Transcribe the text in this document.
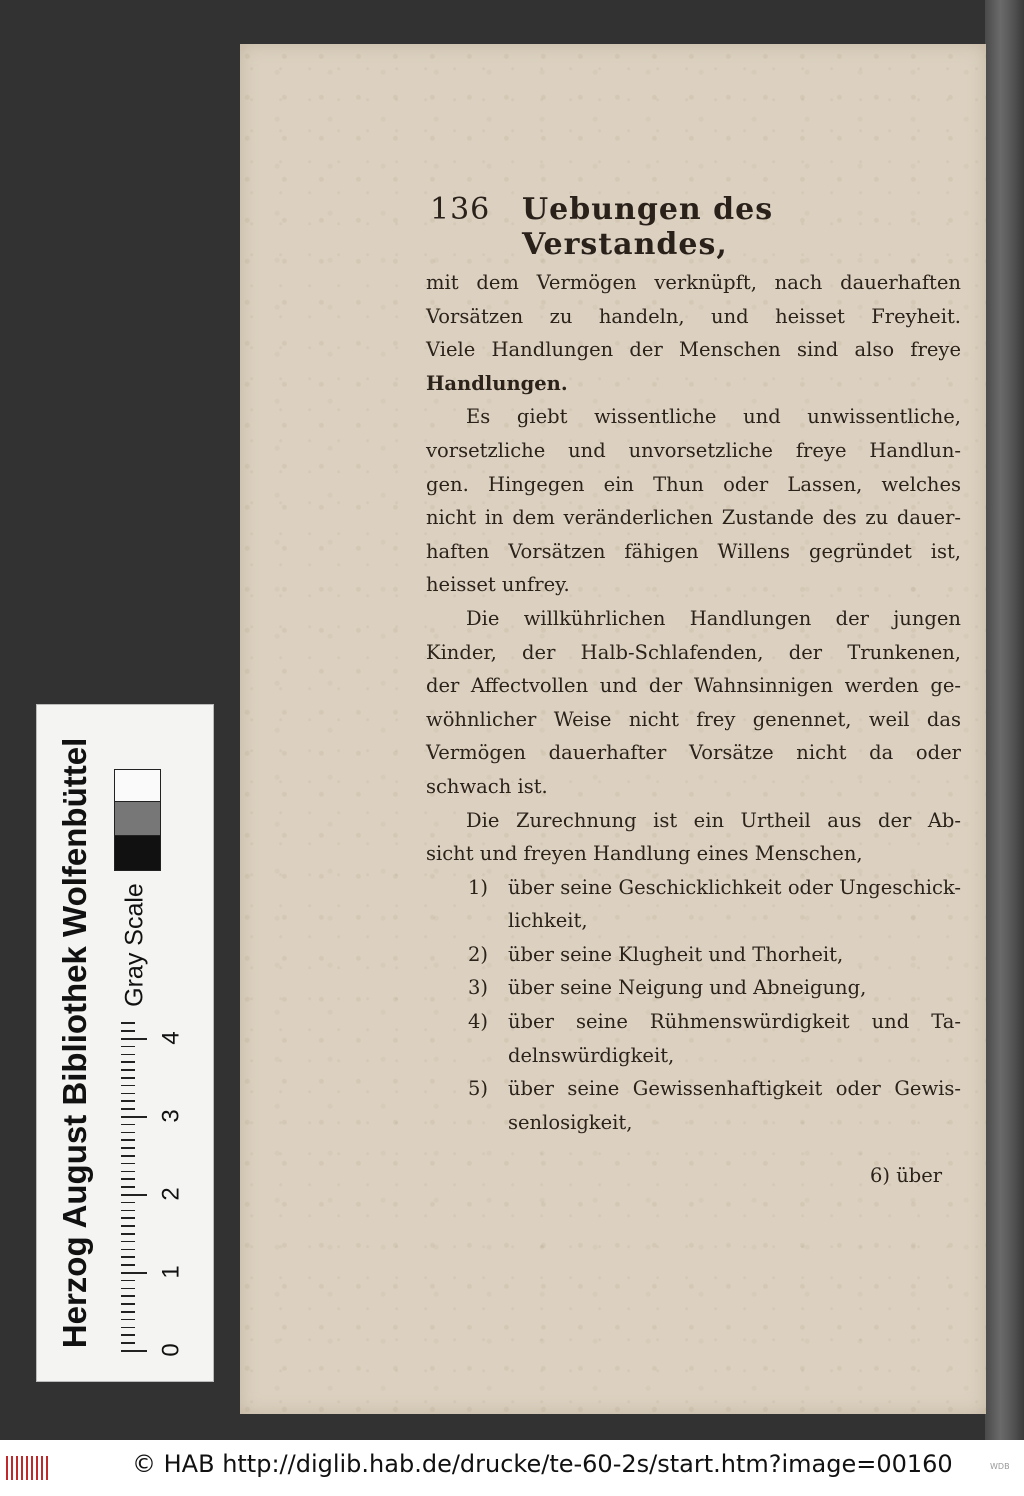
136 Uebungen des Verstandes,
mit dem Vermögen verknüpft, nach dauerhaften
Vorsätzen zu handeln, und heisset Freyheit.
Viele Handlungen der Menschen sind also freye
Handlungen.
Es giebt wissentliche und unwissentliche,
vorsetzliche und unvorsetzliche freye Handlun-
gen. Hingegen ein Thun oder Lassen, welches
nicht in dem veränderlichen Zustande des zu dauer-
haften Vorsätzen fähigen Willens gegründet ist,
heisset unfrey.
Die willkührlichen Handlungen der jungen
Kinder, der Halb-Schlafenden, der Trunkenen,
der Affectvollen und der Wahnsinnigen werden ge-
wöhnlicher Weise nicht frey genennet, weil das
Vermögen dauerhafter Vorsätze nicht da oder
schwach ist.
Die Zurechnung ist ein Urtheil aus der Ab-
sicht und freyen Handlung eines Menschen,
1) über seine Geschicklichkeit oder Ungeschick-
lichkeit,
2) über seine Klugheit und Thorheit,
3) über seine Neigung und Abneigung,
4) über seine Rühmenswürdigkeit und Ta-
delnswürdigkeit,
5) über seine Gewissenhaftigkeit oder Gewis-
senlosigkeit,
6) über
Herzog August Bibliothek Wolfenbüttel Gray Scale
0
1
2
3
4
© HAB http://diglib.hab.de/drucke/te-60-2s/start.htm?image=00160	WDB
